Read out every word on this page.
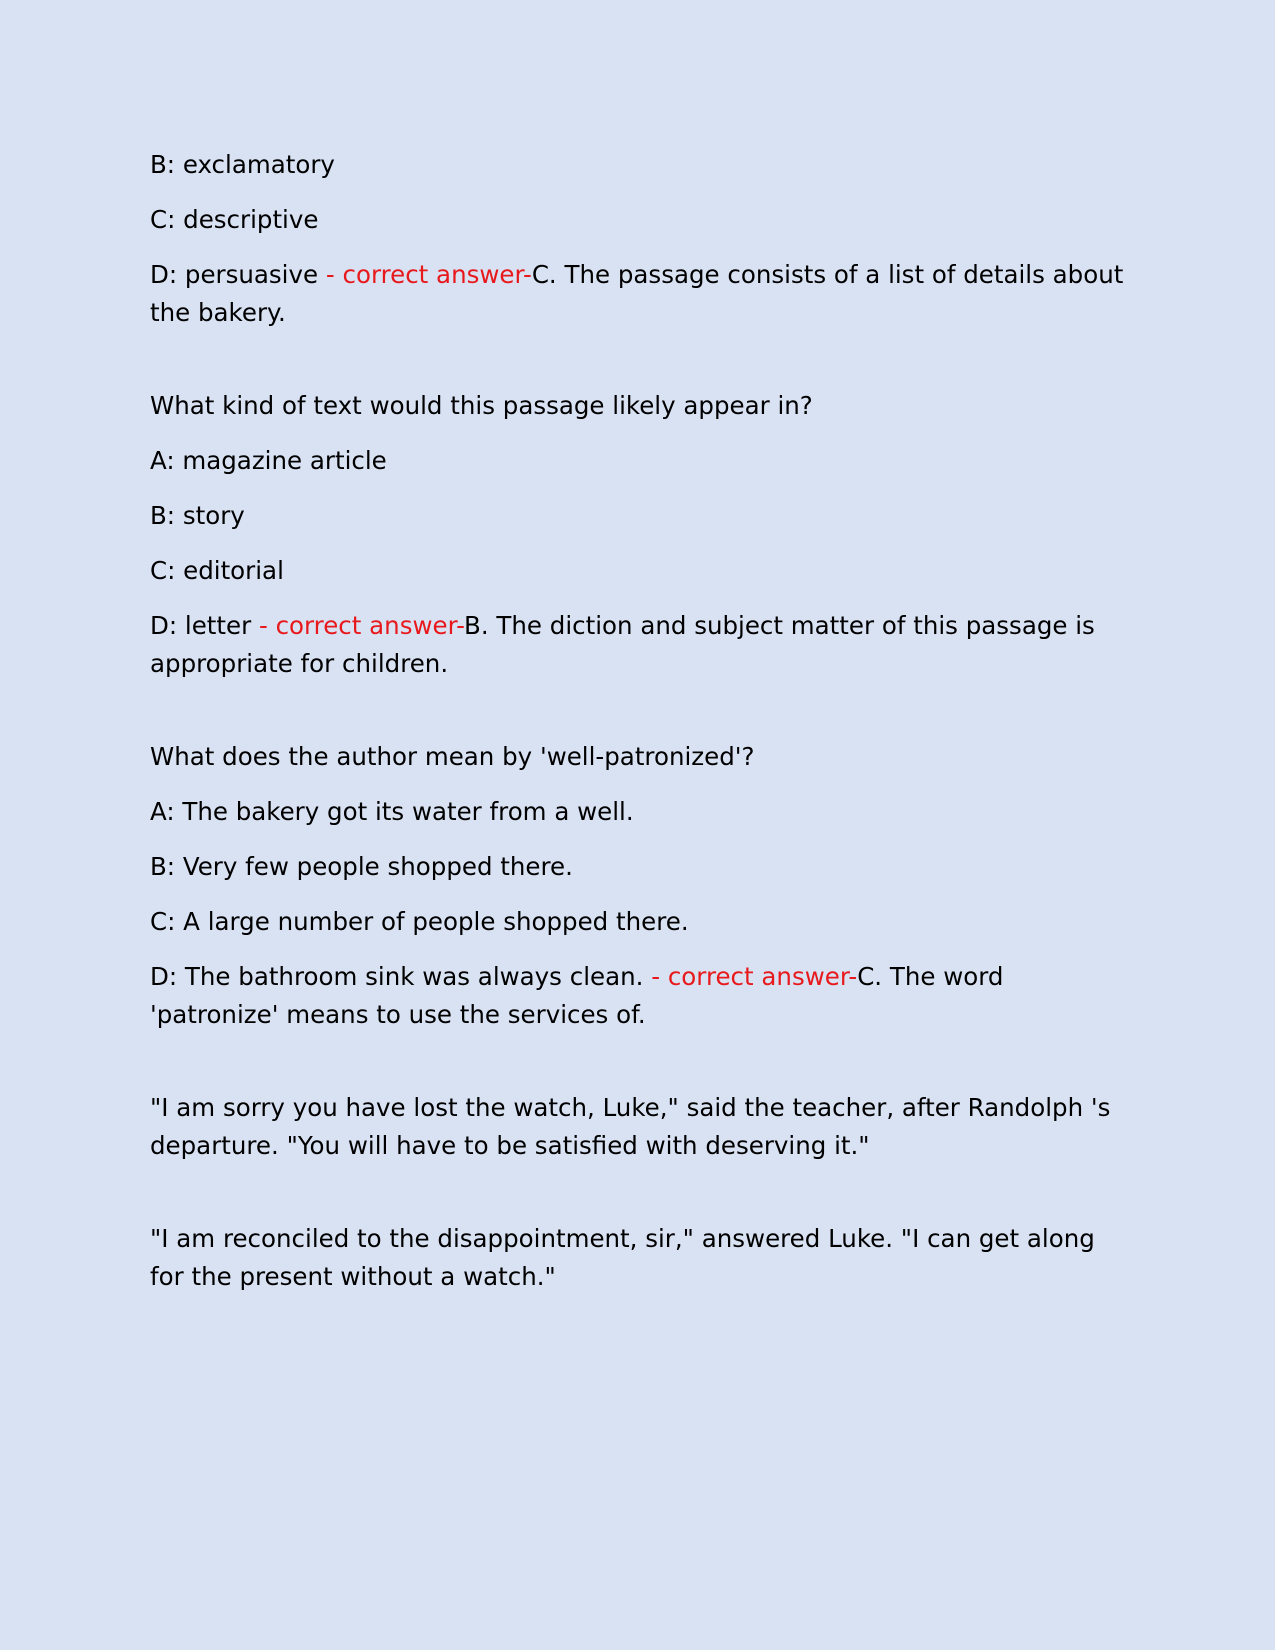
B: exclamatory

C: descriptive

D: persuasive - correct answer-C. The passage consists of a list of details about the bakery.

What kind of text would this passage likely appear in?

A: magazine article

B: story

C: editorial

D: letter - correct answer-B. The diction and subject matter of this passage is appropriate for children.

What does the author mean by 'well-patronized'?

A: The bakery got its water from a well.

B: Very few people shopped there.

C: A large number of people shopped there.

D: The bathroom sink was always clean. - correct answer-C. The word 'patronize' means to use the services of.

"I am sorry you have lost the watch, Luke," said the teacher, after Randolph 's departure. "You will have to be satisfied with deserving it."

"I am reconciled to the disappointment, sir," answered Luke. "I can get along for the present without a watch."
